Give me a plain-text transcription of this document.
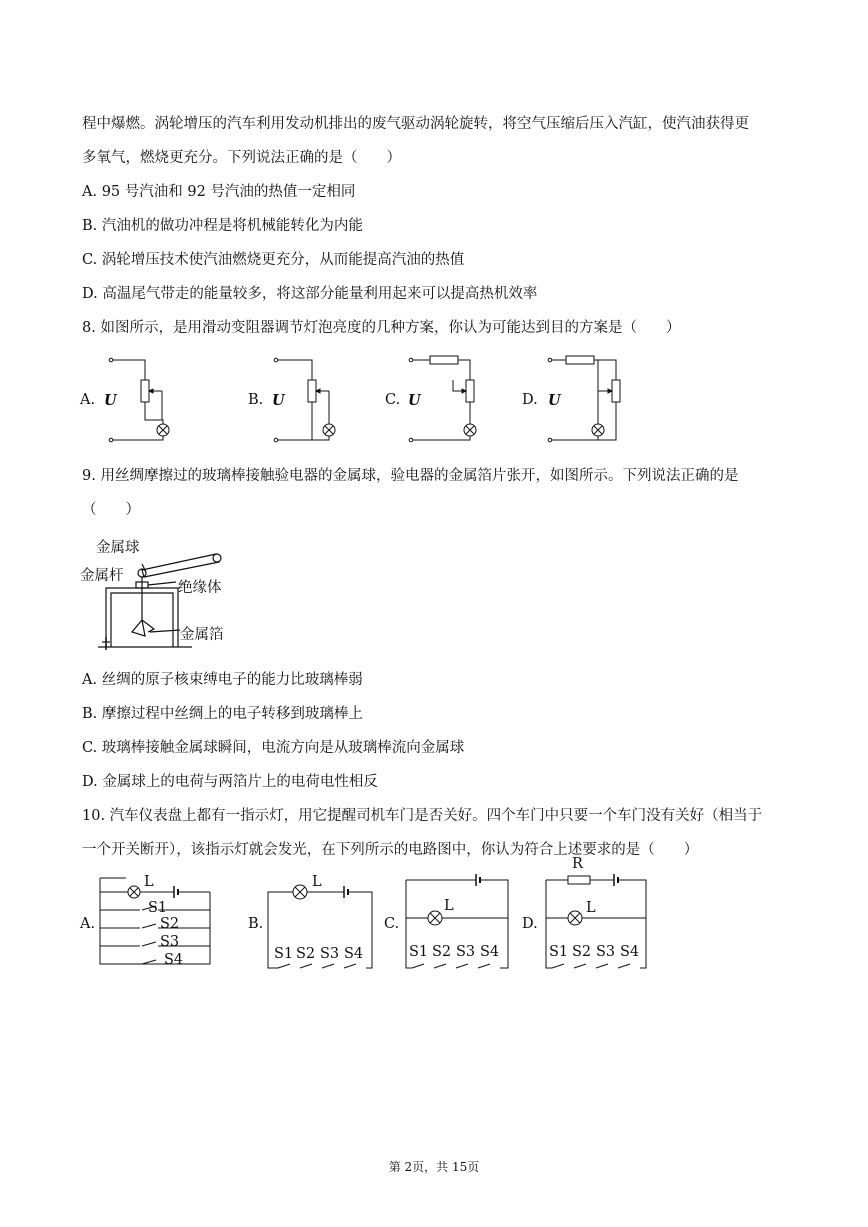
程中爆燃。涡轮增压的汽车利用发动机排出的废气驱动涡轮旋转，将空气压缩后压入汽缸，使汽油获得更
多氧气，燃烧更充分。下列说法正确的是（　　）
A. 95 号汽油和 92 号汽油的热值一定相同
B. 汽油机的做功冲程是将机械能转化为内能
C. 涡轮增压技术使汽油燃烧更充分，从而能提高汽油的热值
D. 高温尾气带走的能量较多，将这部分能量利用起来可以提高热机效率
8. 如图所示，是用滑动变阻器调节灯泡亮度的几种方案，你认为可能达到目的方案是（　　）
A. U	B. U	C. U	D. U
9. 用丝绸摩擦过的玻璃棒接触验电器的金属球，验电器的金属箔片张开，如图所示。下列说法正确的是
（　　）
金属球
金属杆
绝缘体
金属箔
A. 丝绸的原子核束缚电子的能力比玻璃棒弱
B. 摩擦过程中丝绸上的电子转移到玻璃棒上
C. 玻璃棒接触金属球瞬间，电流方向是从玻璃棒流向金属球
D. 金属球上的电荷与两箔片上的电荷电性相反
10. 汽车仪表盘上都有一指示灯，用它提醒司机车门是否关好。四个车门中只要一个车门没有关好（相当于
一个开关断开），该指示灯就会发光，在下列所示的电路图中，你认为符合上述要求的是（　　）
A.
L
S1
S2
S3
S4
B.
L
S1 S2 S3 S4
C.
L
S1 S2 S3 S4
D.
R
L
S1 S2 S3 S4
第 2页，共 15页
